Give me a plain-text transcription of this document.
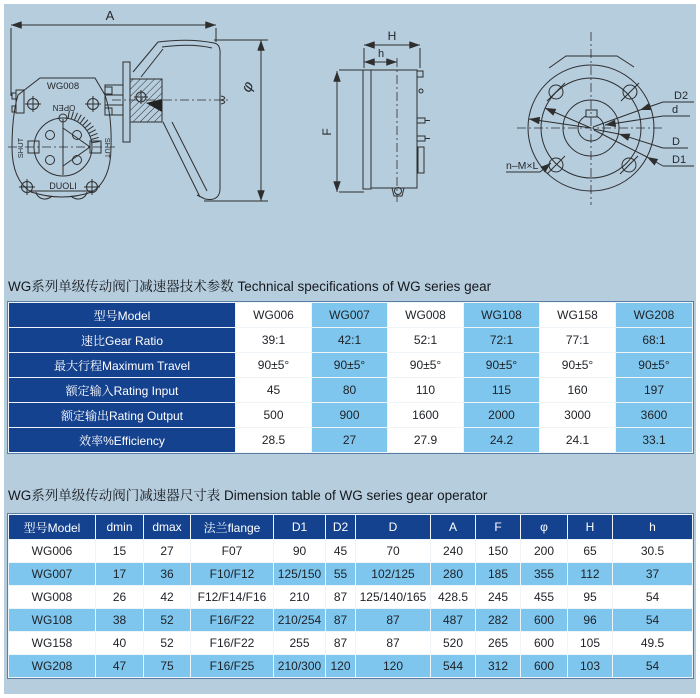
A
φ
WG008
OPEN
SHUT	SHUT
DUOLI
H
h
F
D2
d
D
D1
n–M×L
WG系列单级传动阀门减速器技术参数 Technical specifications of WG series gear
型号Model	WG006	WG007	WG008	WG108	WG158	WG208
速比Gear Ratio	39:1	42:1	52:1	72:1	77:1	68:1
最大行程Maximum Travel	90±5°	90±5°	90±5°	90±5°	90±5°	90±5°
额定输入Rating Input	45	80	110	115	160	197
额定输出Rating Output	500	900	1600	2000	3000	3600
效率%Efficiency	28.5	27	27.9	24.2	24.1	33.1
WG系列单级传动阀门减速器尺寸表 Dimension table of WG series gear operator
型号Model	dmin	dmax	法兰flange	D1	D2	D	A	F	φ	H	h
WG006	15	27	F07	90	45	70	240	150	200	65	30.5
WG007	17	36	F10/F12	125/150	55	102/125	280	185	355	112	37
WG008	26	42	F12/F14/F16	210	87	125/140/165	428.5	245	455	95	54
WG108	38	52	F16/F22	210/254	87	87	487	282	600	96	54
WG158	40	52	F16/F22	255	87	87	520	265	600	105	49.5
WG208	47	75	F16/F25	210/300	120	120	544	312	600	103	54
